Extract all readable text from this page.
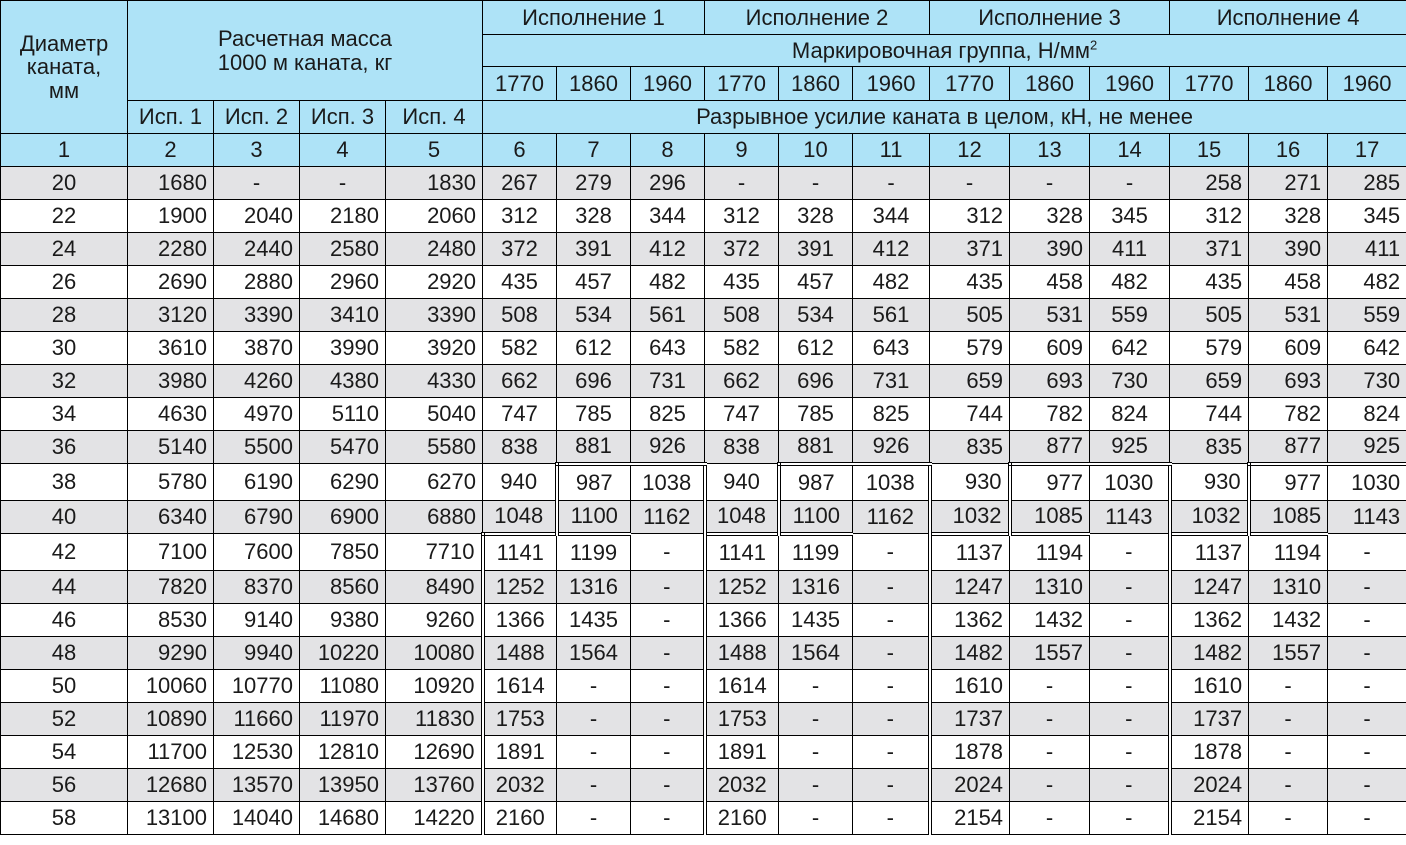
Диаметр каната, мм	Расчетная масса 1000 м каната, кг				Исполнение 1			Исполнение 2			Исполнение 3			Исполнение 4		
					Маркировочная группа, $Н/мм^2$
					1770	1860	1960	1770	1860	1960	1770	1860	1960	1770	1860	1960
	Исп. 1	Исп. 2	Исп. 3	Исп. 4	Разрывное усилие каната в целом, кН, не менее											
1	2	3	4	5	6	7	8	9	10	11	12	13	14	15	16	17
20	1680	-	-	1830	267	279	296	-	-	-	-	-	-	258	271	285
22	1900	2040	2180	2060	312	328	344	312	328	344	312	328	345	312	328	345
24	2280	2440	2580	2480	372	391	412	372	391	412	371	390	411	371	390	411
26	2690	2880	2960	2920	435	457	482	435	457	482	435	458	482	435	458	482
28	3120	3390	3410	3390	508	534	561	508	534	561	505	531	559	505	531	559
30	3610	3870	3990	3920	582	612	643	582	612	643	579	609	642	579	609	642
32	3980	4260	4380	4330	662	696	731	662	696	731	659	693	730	659	693	730
34	4630	4970	5110	5040	747	785	825	747	785	825	744	782	824	744	782	824
36	5140	5500	5470	5580	838	881	926	838	881	926	835	877	925	835	877	925
38	5780	6190	6290	6270	940	987	1038	940	987	1038	930	977	1030	930	977	1030
40	6340	6790	6900	6880	1048	1100	1162	1048	1100	1162	1032	1085	1143	1032	1085	1143
42	7100	7600	7850	7710	1141	1199	-	1141	1199	-	1137	1194	-	1137	1194	-
44	7820	8370	8560	8490	1252	1316	-	1252	1316	-	1247	1310	-	1247	1310	-
46	8530	9140	9380	9260	1366	1435	-	1366	1435	-	1362	1432	-	1362	1432	-
48	9290	9940	10220	10080	1488	1564	-	1488	1564	-	1482	1557	-	1482	1557	-
50	10060	10770	11080	10920	1614	-	-	1614	-	-	1610	-	-	1610	-	-
52	10890	11660	11970	11830	1753	-	-	1753	-	-	1737	-	-	1737	-	-
54	11700	12530	12810	12690	1891	-	-	1891	-	-	1878	-	-	1878	-	-
56	12680	13570	13950	13760	2032	-	-	2032	-	-	2024	-	-	2024	-	-
58	13100	14040	14680	14220	2160	-	-	2160	-	-	2154	-	-	2154	-	-
